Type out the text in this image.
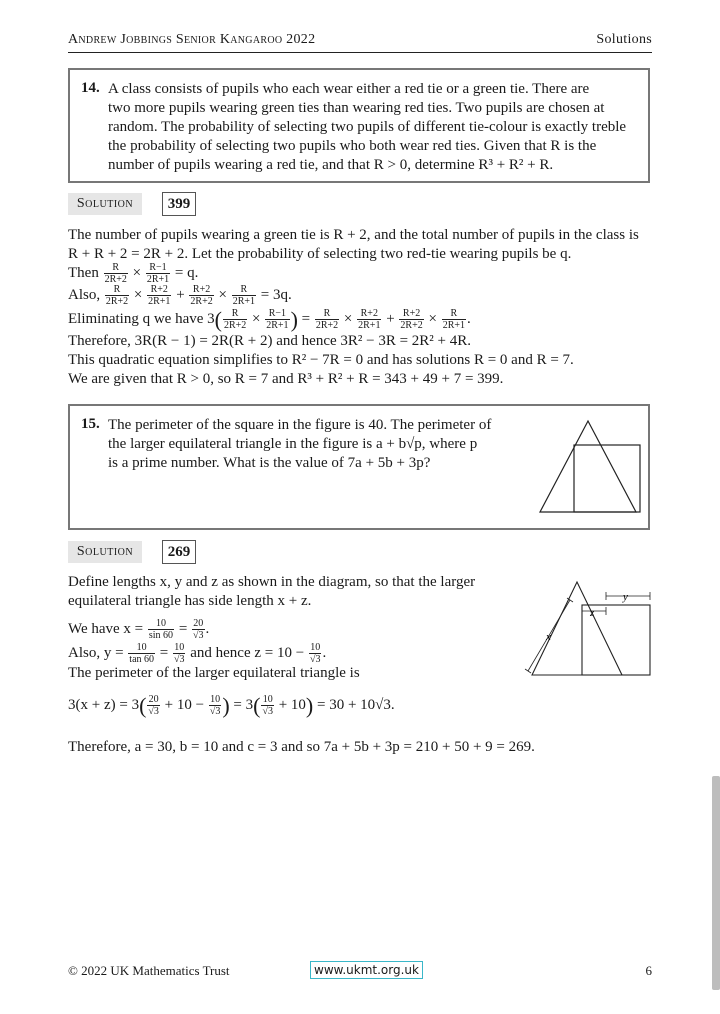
Andrew Jobbings Senior Kangaroo 2022	Solutions
14. A class consists of pupils who each wear either a red tie or a green tie. There are
two more pupils wearing green ties than wearing red ties. Two pupils are chosen at
random. The probability of selecting two pupils of different tie-colour is exactly treble
the probability of selecting two pupils who both wear red ties. Given that R is the
number of pupils wearing a red tie, and that R > 0, determine R³ + R² + R.
Solution	399
The number of pupils wearing a green tie is R + 2, and the total number of pupils in the class is
R + R + 2 = 2R + 2. Let the probability of selecting two red-tie wearing pupils be q.
Then $\frac{R}{2R+2} \times \frac{R-1}{2R+1} = q$.
Also, $\frac{R}{2R+2} \times \frac{R+2}{2R+1} + \frac{R+2}{2R+2} \times \frac{R}{2R+1} = 3q$.
Eliminating q we have $3( \frac{R}{2R+2} \times \frac{R-1}{2R+1}$ ) = $\frac{R}{2R+2} \times \frac{R+2}{2R+1} + \frac{R+2}{2R+2} \times \frac{R}{2R+1}$ .
Therefore, 3R(R − 1) = 2R(R + 2) and hence 3R² − 3R = 2R² + 4R.
This quadratic equation simplifies to R² − 7R = 0 and has solutions R = 0 and R = 7.
We are given that R > 0, so R = 7 and R³ + R² + R = 343 + 49 + 7 = 399.
15. The perimeter of the square in the figure is 40. The perimeter of
the larger equilateral triangle in the figure is a + b√p, where p
is a prime number. What is the value of 7a + 5b + 3p?
Solution	269
Define lengths x, y and z as shown in the diagram, so that the larger
equilateral triangle has side length x + z.
We have $x = \frac{10}{\sin 60} = \frac{20}{√3}$ .
Also, $y = \frac{10}{\tan 60} = \frac{10}{√3}$ and hence $z = 10 - \frac{10}{√3}$ .
The perimeter of the larger equilateral triangle is
$3(x + z) = 3( \frac{20}{√3} + 10 - \frac{10}{√3}$ ) = $3( \frac{10}{√3} + 10) = 30 + 10√3$.
Therefore, a = 30, b = 10 and c = 3 and so 7a + 5b + 3p = 210 + 50 + 9 = 269.
x
y
z
© 2022 UK Mathematics Trust	www.ukmt.org.uk	6
